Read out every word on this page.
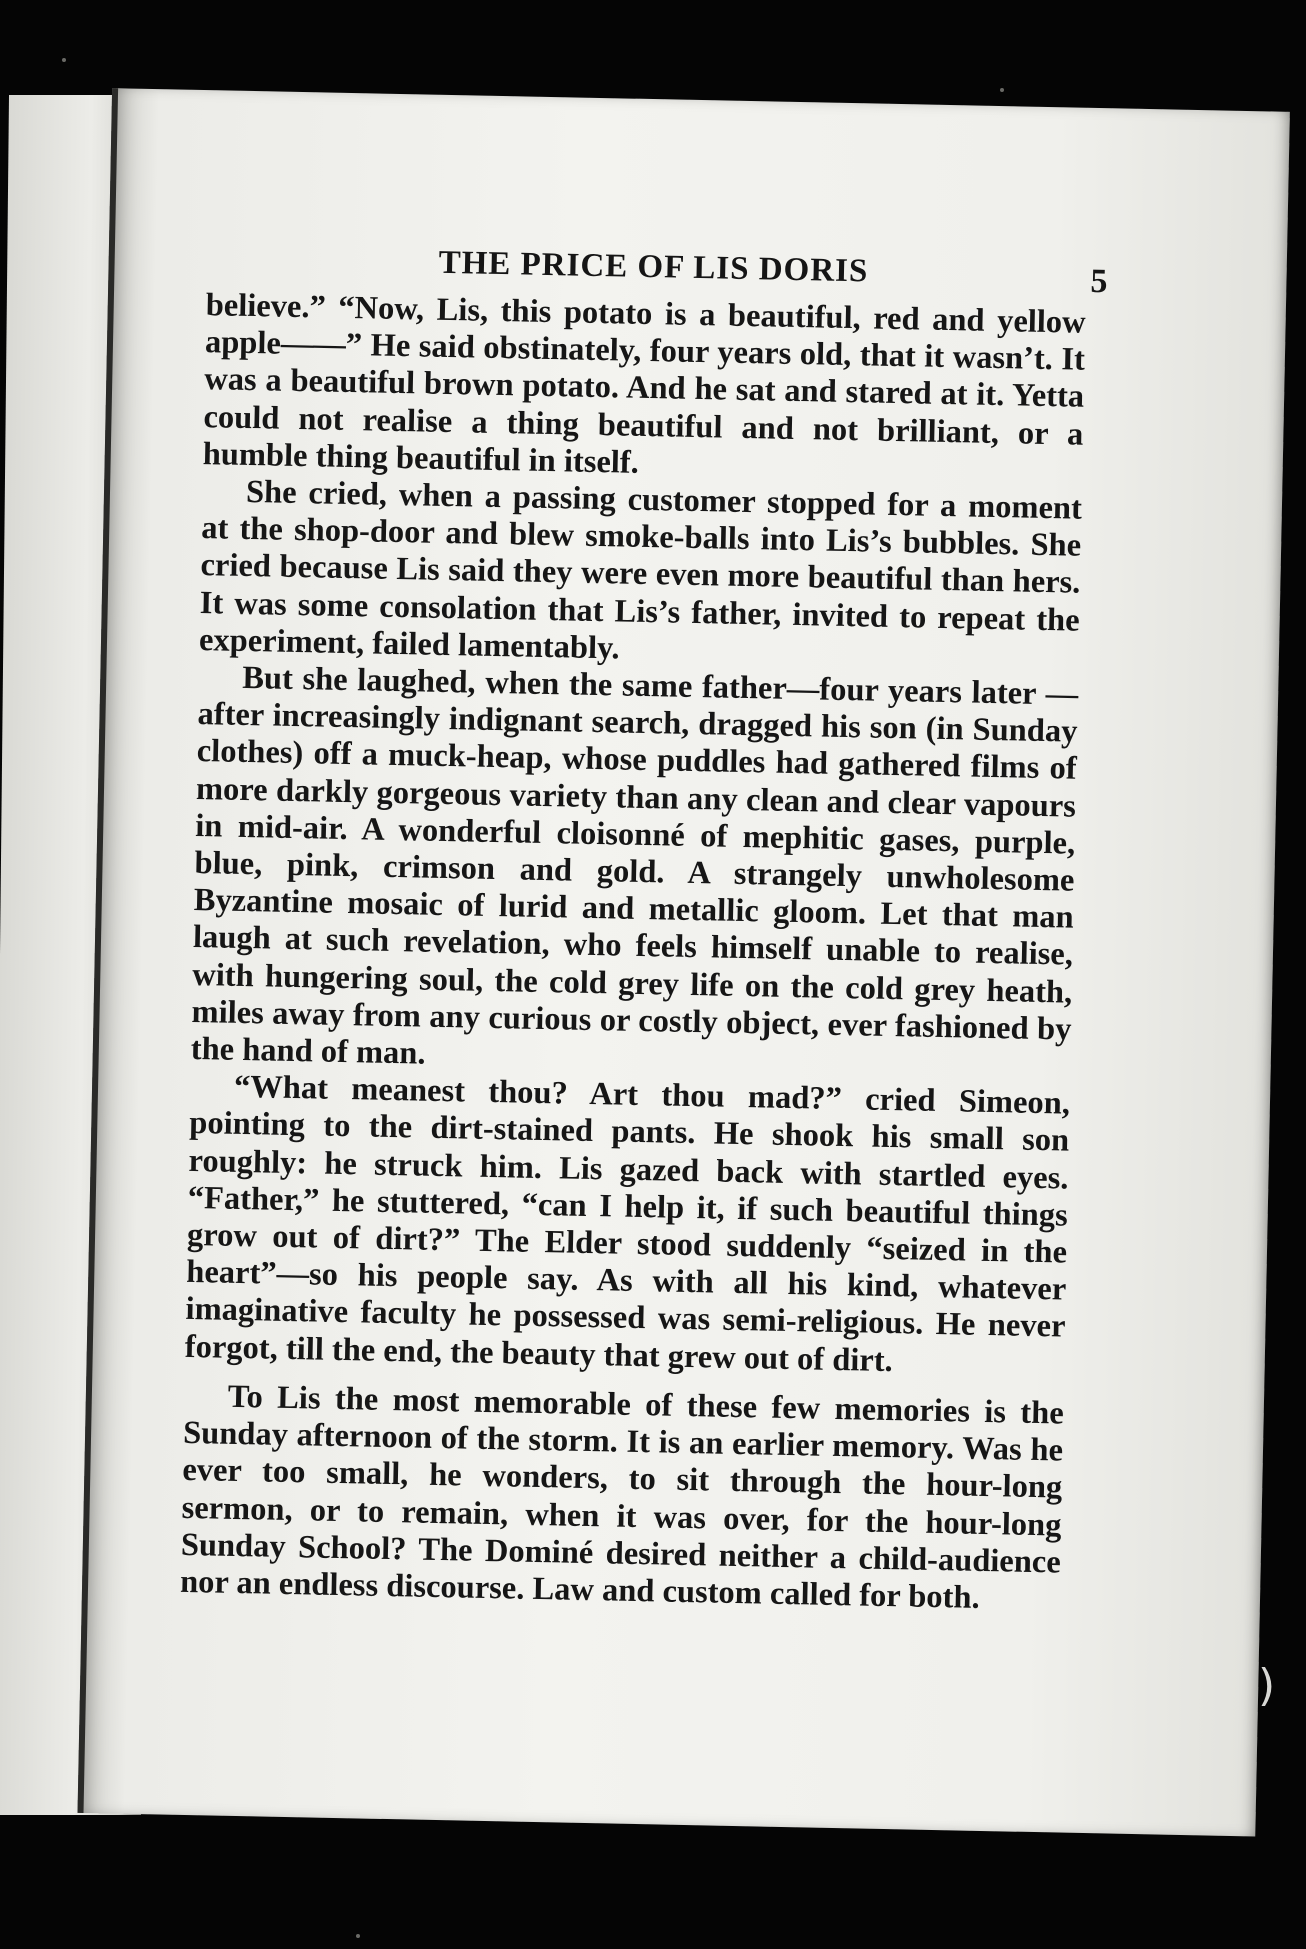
THE PRICE OF LIS DORIS	5

believe.” “Now, Lis, this potato is a beautiful, red and yellow apple——” He said obstinately, four years old, that it wasn’t. It was a beautiful brown potato. And he sat and stared at it. Yetta could not realise a thing beautiful and not brilliant, or a humble thing beautiful in itself.

She cried, when a passing customer stopped for a moment at the shop-door and blew smoke-balls into Lis’s bubbles. She cried because Lis said they were even more beautiful than hers. It was some consolation that Lis’s father, invited to repeat the experiment, failed lamentably.

But she laughed, when the same father—four years later —after increasingly indignant search, dragged his son (in Sunday clothes) off a muck-heap, whose puddles had gathered films of more darkly gorgeous variety than any clean and clear vapours in mid-air. A wonderful cloisonné of mephitic gases, purple, blue, pink, crimson and gold. A strangely unwholesome Byzantine mosaic of lurid and metallic gloom. Let that man laugh at such revelation, who feels himself unable to realise, with hungering soul, the cold grey life on the cold grey heath, miles away from any curious or costly object, ever fashioned by the hand of man.

“What meanest thou? Art thou mad?” cried Simeon, pointing to the dirt-stained pants. He shook his small son roughly: he struck him. Lis gazed back with startled eyes. “Father,” he stuttered, “can I help it, if such beautiful things grow out of dirt?” The Elder stood suddenly “seized in the heart”—so his people say. As with all his kind, whatever imaginative faculty he possessed was semi-religious. He never forgot, till the end, the beauty that grew out of dirt.

To Lis the most memorable of these few memories is the Sunday afternoon of the storm. It is an earlier memory. Was he ever too small, he wonders, to sit through the hour-long sermon, or to remain, when it was over, for the hour-long Sunday School? The Dominé desired neither a child-audience nor an endless discourse. Law and custom called for both.

)
